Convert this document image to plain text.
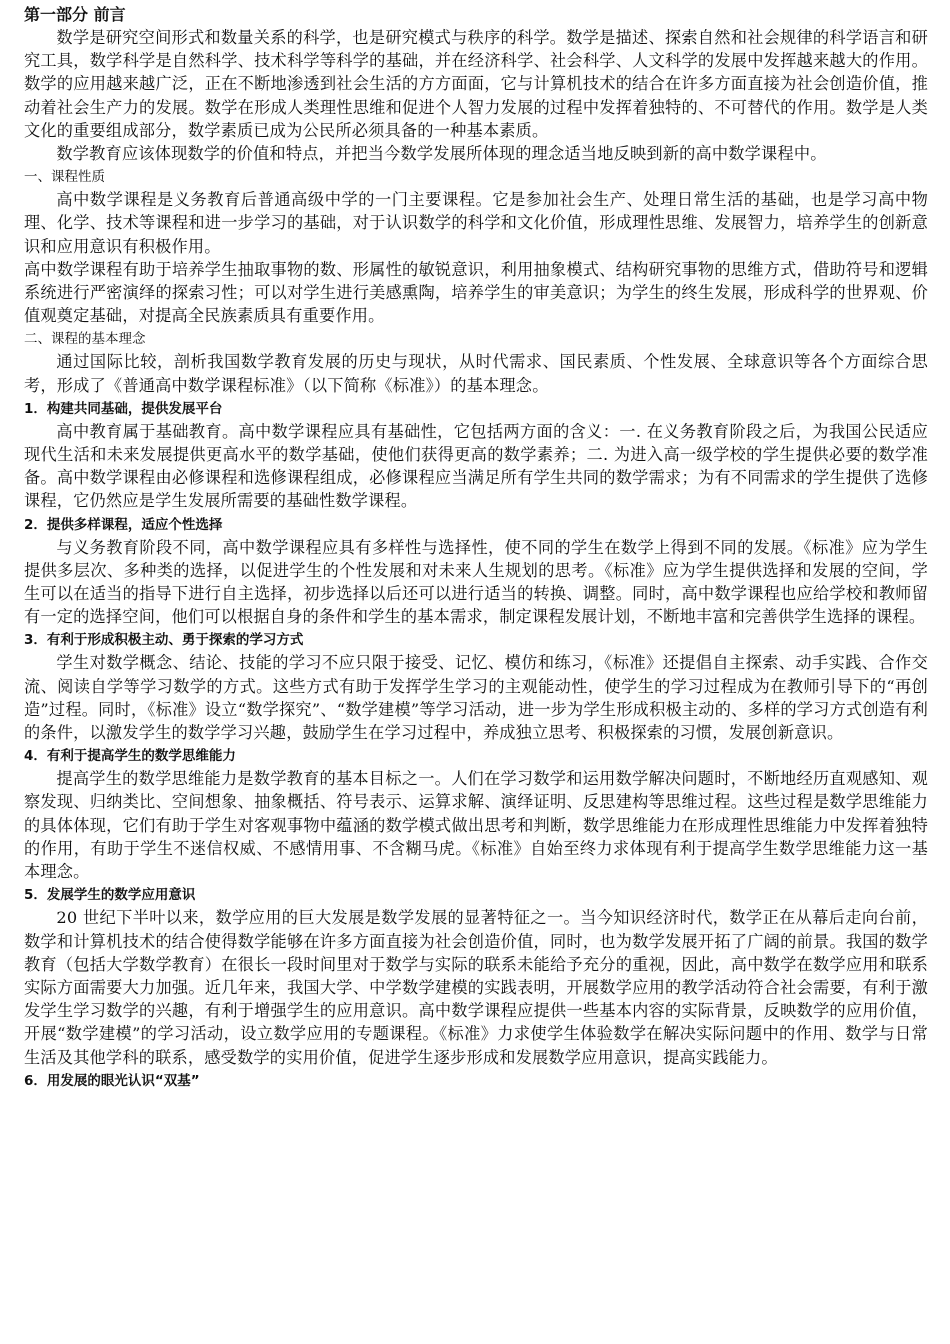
第一部分 前言

数学是研究空间形式和数量关系的科学，也是研究模式与秩序的科学。数学是描述、探索自然和社会规律的科学语言和研究工具，数学科学是自然科学、技术科学等科学的基础，并在经济科学、社会科学、人文科学的发展中发挥越来越大的作用。数学的应用越来越广泛，正在不断地渗透到社会生活的方方面面，它与计算机技术的结合在许多方面直接为社会创造价值，推动着社会生产力的发展。数学在形成人类理性思维和促进个人智力发展的过程中发挥着独特的、不可替代的作用。数学是人类文化的重要组成部分，数学素质已成为公民所必须具备的一种基本素质。

数学教育应该体现数学的价值和特点，并把当今数学发展所体现的理念适当地反映到新的高中数学课程中。

一、课程性质

高中数学课程是义务教育后普通高级中学的一门主要课程。它是参加社会生产、处理日常生活的基础，也是学习高中物理、化学、技术等课程和进一步学习的基础，对于认识数学的科学和文化价值，形成理性思维、发展智力，培养学生的创新意识和应用意识有积极作用。

高中数学课程有助于培养学生抽取事物的数、形属性的敏锐意识，利用抽象模式、结构研究事物的思维方式，借助符号和逻辑系统进行严密演绎的探索习性；可以对学生进行美感熏陶，培养学生的审美意识；为学生的终生发展，形成科学的世界观、价值观奠定基础，对提高全民族素质具有重要作用。

二、课程的基本理念

通过国际比较，剖析我国数学教育发展的历史与现状，从时代需求、国民素质、个性发展、全球意识等各个方面综合思考，形成了《普通高中数学课程标准》（以下简称《标准》）的基本理念。

1．构建共同基础，提供发展平台

高中教育属于基础教育。高中数学课程应具有基础性，它包括两方面的含义：一. 在义务教育阶段之后，为我国公民适应现代生活和未来发展提供更高水平的数学基础，使他们获得更高的数学素养；二. 为进入高一级学校的学生提供必要的数学准备。高中数学课程由必修课程和选修课程组成，必修课程应当满足所有学生共同的数学需求；为有不同需求的学生提供了选修课程，它仍然应是学生发展所需要的基础性数学课程。

2．提供多样课程，适应个性选择

与义务教育阶段不同，高中数学课程应具有多样性与选择性，使不同的学生在数学上得到不同的发展。《标准》应为学生提供多层次、多种类的选择，以促进学生的个性发展和对未来人生规划的思考。《标准》应为学生提供选择和发展的空间，学生可以在适当的指导下进行自主选择，初步选择以后还可以进行适当的转换、调整。同时，高中数学课程也应给学校和教师留有一定的选择空间，他们可以根据自身的条件和学生的基本需求，制定课程发展计划，不断地丰富和完善供学生选择的课程。

3．有利于形成积极主动、勇于探索的学习方式

学生对数学概念、结论、技能的学习不应只限于接受、记忆、模仿和练习，《标准》还提倡自主探索、动手实践、合作交流、阅读自学等学习数学的方式。这些方式有助于发挥学生学习的主观能动性，使学生的学习过程成为在教师引导下的“再创造”过程。同时，《标准》设立“数学探究”、“数学建模”等学习活动，进一步为学生形成积极主动的、多样的学习方式创造有利的条件，以激发学生的数学学习兴趣，鼓励学生在学习过程中，养成独立思考、积极探索的习惯，发展创新意识。

4．有利于提高学生的数学思维能力

提高学生的数学思维能力是数学教育的基本目标之一。人们在学习数学和运用数学解决问题时，不断地经历直观感知、观察发现、归纳类比、空间想象、抽象概括、符号表示、运算求解、演绎证明、反思建构等思维过程。这些过程是数学思维能力的具体体现，它们有助于学生对客观事物中蕴涵的数学模式做出思考和判断，数学思维能力在形成理性思维能力中发挥着独特的作用，有助于学生不迷信权威、不感情用事、不含糊马虎。《标准》自始至终力求体现有利于提高学生数学思维能力这一基本理念。

5．发展学生的数学应用意识

20 世纪下半叶以来，数学应用的巨大发展是数学发展的显著特征之一。当今知识经济时代，数学正在从幕后走向台前，数学和计算机技术的结合使得数学能够在许多方面直接为社会创造价值，同时，也为数学发展开拓了广阔的前景。我国的数学教育（包括大学数学教育）在很长一段时间里对于数学与实际的联系未能给予充分的重视，因此，高中数学在数学应用和联系实际方面需要大力加强。近几年来，我国大学、中学数学建模的实践表明，开展数学应用的教学活动符合社会需要，有利于激发学生学习数学的兴趣，有利于增强学生的应用意识。高中数学课程应提供一些基本内容的实际背景，反映数学的应用价值，开展“数学建模”的学习活动，设立数学应用的专题课程。《标准》力求使学生体验数学在解决实际问题中的作用、数学与日常生活及其他学科的联系，感受数学的实用价值，促进学生逐步形成和发展数学应用意识，提高实践能力。

6．用发展的眼光认识“双基”
